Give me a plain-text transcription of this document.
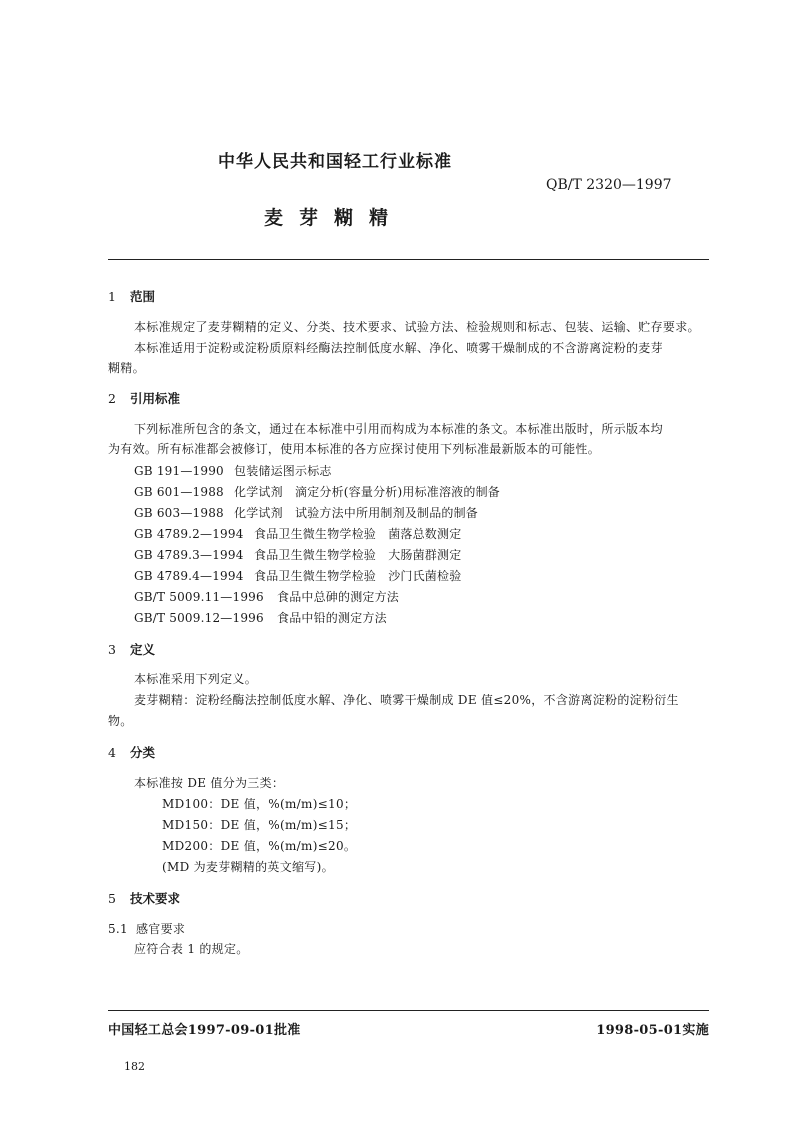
中华人民共和国轻工行业标准
QB/T 2320—1997
麦芽糊精
1 范围
本标准规定了麦芽糊精的定义、分类、技术要求、试验方法、检验规则和标志、包装、运输、贮存要求。
本标准适用于淀粉或淀粉质原料经酶法控制低度水解、净化、喷雾干燥制成的不含游离淀粉的麦芽
糊精。
2 引用标准
下列标准所包含的条文，通过在本标准中引用而构成为本标准的条文。本标准出版时，所示版本均
为有效。所有标准都会被修订，使用本标准的各方应探讨使用下列标准最新版本的可能性。
GB 191—1990 包装储运图示标志
GB 601—1988 化学试剂　滴定分析(容量分析)用标准溶液的制备
GB 603—1988 化学试剂　试验方法中所用制剂及制品的制备
GB 4789.2—1994 食品卫生微生物学检验　菌落总数测定
GB 4789.3—1994 食品卫生微生物学检验　大肠菌群测定
GB 4789.4—1994 食品卫生微生物学检验　沙门氏菌检验
GB/T 5009.11—1996 食品中总砷的测定方法
GB/T 5009.12—1996 食品中铅的测定方法
3 定义
本标准采用下列定义。
麦芽糊精：淀粉经酶法控制低度水解、净化、喷雾干燥制成 DE 值≤20%，不含游离淀粉的淀粉衍生
物。
4 分类
本标准按 DE 值分为三类：
MD100：DE 值，%(m/m)≤10；
MD150：DE 值，%(m/m)≤15；
MD200：DE 值，%(m/m)≤20。
(MD 为麦芽糊精的英文缩写)。
5 技术要求
5.1 感官要求
应符合表 1 的规定。
中国轻工总会1997-09-01批准	1998-05-01实施
182
